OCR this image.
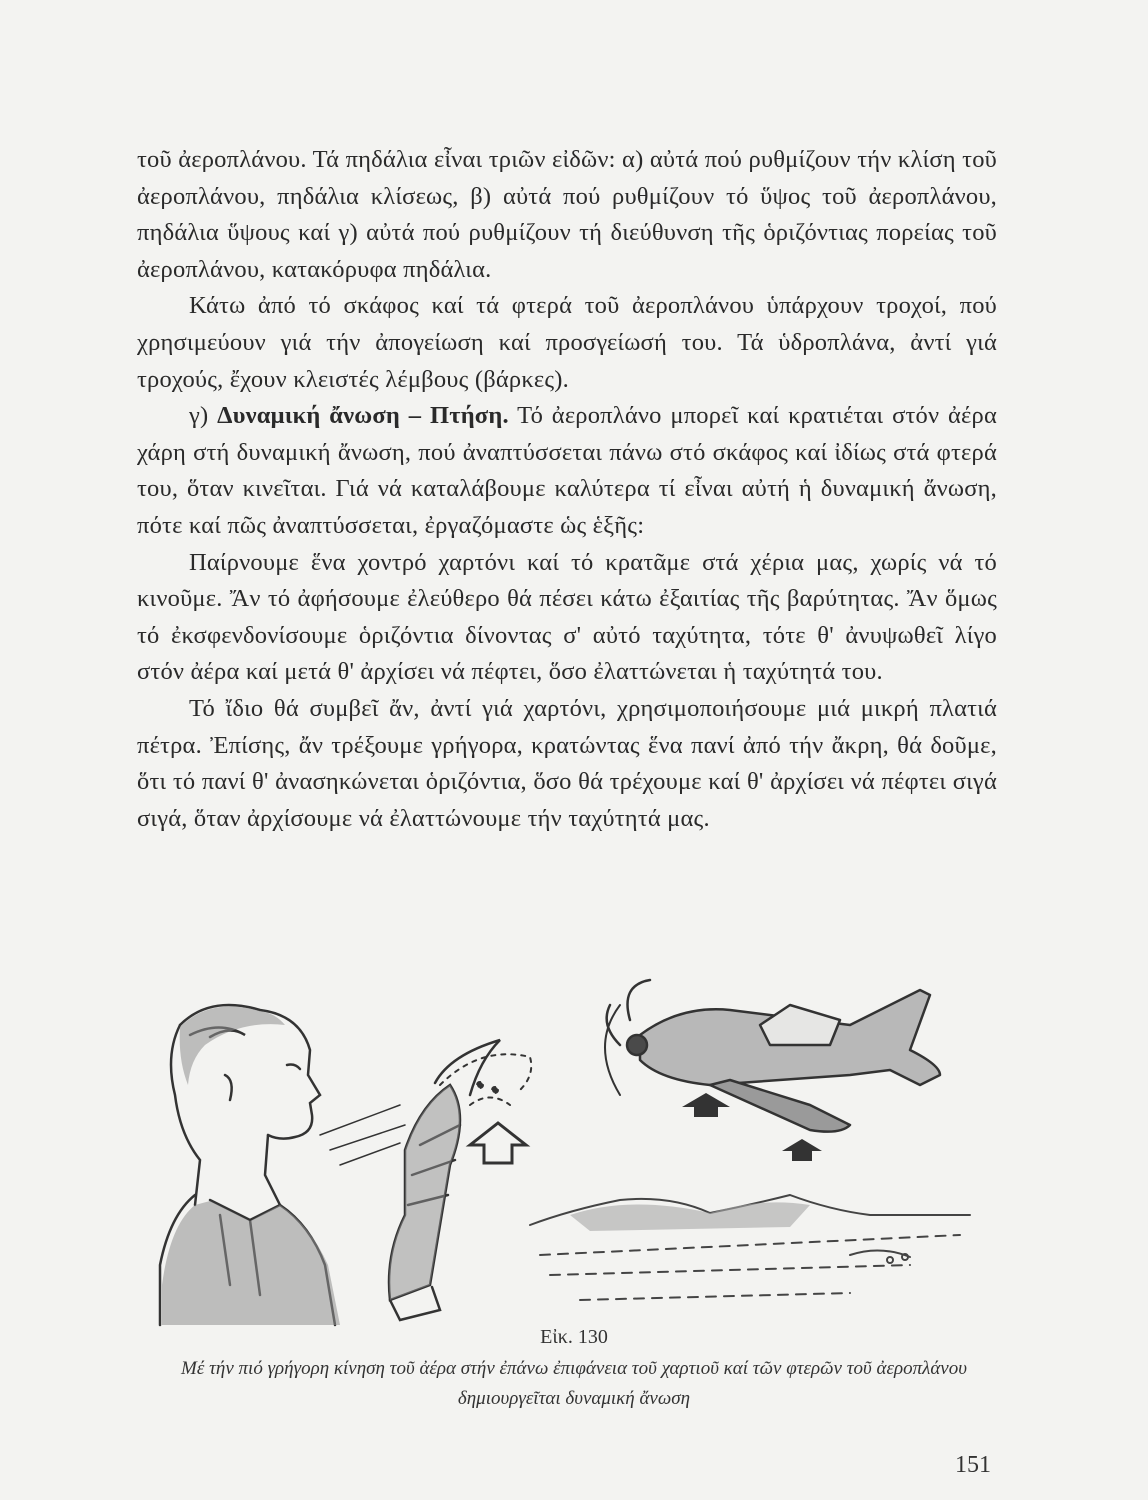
τοῦ ἀεροπλάνου. Τά πηδάλια εἶναι τριῶν εἰδῶν: α) αὐτά πού ρυθμίζουν τήν κλίση τοῦ ἀεροπλάνου, πηδάλια κλίσεως, β) αὐτά πού ρυθμίζουν τό ὕψος τοῦ ἀεροπλάνου, πηδάλια ὕψους καί γ) αὐτά πού ρυθμίζουν τή διεύθυνση τῆς ὁριζόντιας πορείας τοῦ ἀεροπλάνου, κατακόρυφα πηδάλια.

Κάτω ἀπό τό σκάφος καί τά φτερά τοῦ ἀεροπλάνου ὑπάρχουν τροχοί, πού χρησιμεύουν γιά τήν ἀπογείωση καί προσγείωσή του. Τά ὑδροπλάνα, ἀντί γιά τροχούς, ἔχουν κλειστές λέμβους (βάρκες).

γ) Δυναμική ἄνωση – Πτήση. Τό ἀεροπλάνο μπορεῖ καί κρατιέται στόν ἀέρα χάρη στή δυναμική ἄνωση, πού ἀναπτύσσεται πάνω στό σκάφος καί ἰδίως στά φτερά του, ὅταν κινεῖται. Γιά νά καταλάβουμε καλύτερα τί εἶναι αὐτή ἡ δυναμική ἄνωση, πότε καί πῶς ἀναπτύσσεται, ἐργαζόμαστε ὡς ἑξῆς:

Παίρνουμε ἕνα χοντρό χαρτόνι καί τό κρατᾶμε στά χέρια μας, χωρίς νά τό κινοῦμε. Ἄν τό ἀφήσουμε ἐλεύθερο θά πέσει κάτω ἐξαιτίας τῆς βαρύτητας. Ἄν ὅμως τό ἐκσφενδονίσουμε ὁριζόντια δίνοντας σ' αὐτό ταχύτητα, τότε θ' ἀνυψωθεῖ λίγο στόν ἀέρα καί μετά θ' ἀρχίσει νά πέφτει, ὅσο ἐλαττώνεται ἡ ταχύτητά του.

Τό ἴδιο θά συμβεῖ ἄν, ἀντί γιά χαρτόνι, χρησιμοποιήσουμε μιά μικρή πλατιά πέτρα. Ἐπίσης, ἄν τρέξουμε γρήγορα, κρατώντας ἕνα πανί ἀπό τήν ἄκρη, θά δοῦμε, ὅτι τό πανί θ' ἀνασηκώνεται ὁριζόντια, ὅσο θά τρέχουμε καί θ' ἀρχίσει νά πέφτει σιγά σιγά, ὅταν ἀρχίσουμε νά ἐλαττώνουμε τήν ταχύτητά μας.

Εἰκ. 130
Μέ τήν πιό γρήγορη κίνηση τοῦ ἀέρα στήν ἐπάνω ἐπιφάνεια τοῦ χαρτιοῦ καί τῶν φτερῶν τοῦ ἀεροπλάνου δημιουργεῖται δυναμική ἄνωση
151
